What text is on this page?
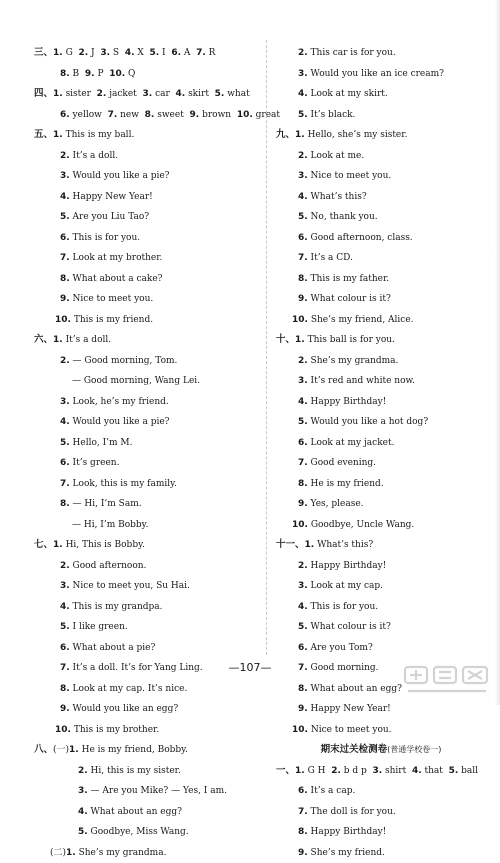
三、1. G  2. J  3. S  4. X  5. I  6. A  7. R
8. B  9. P  10. Q
四、1. sister  2. jacket  3. car  4. skirt  5. what
6. yellow  7. new  8. sweet  9. brown  10. great
五、1. This is my ball.
2. It’s a doll.
3. Would you like a pie?
4. Happy New Year!
5. Are you Liu Tao?
6. This is for you.
7. Look at my brother.
8. What about a cake?
9. Nice to meet you.
10. This is my friend.
六、1. It’s a doll.
2. — Good morning, Tom.
— Good morning, Wang Lei.
3. Look, he’s my friend.
4. Would you like a pie?
5. Hello, I’m M.
6. It’s green.
7. Look, this is my family.
8. — Hi, I’m Sam.
— Hi, I’m Bobby.
七、1. Hi, This is Bobby.
2. Good afternoon.
3. Nice to meet you, Su Hai.
4. This is my grandpa.
5. I like green.
6. What about a pie?
7. It’s a doll. It’s for Yang Ling.
8. Look at my cap. It’s nice.
9. Would you like an egg?
10. This is my brother.
八、(一)1. He is my friend, Bobby.
2. Hi, this is my sister.
3. — Are you Mike? — Yes, I am.
4. What about an egg?
5. Goodbye, Miss Wang.
(二)1. She’s my grandma.
2. This car is for you.
3. Would you like an ice cream?
4. Look at my skirt.
5. It’s black.
九、1. Hello, she’s my sister.
2. Look at me.
3. Nice to meet you.
4. What’s this?
5. No, thank you.
6. Good afternoon, class.
7. It’s a CD.
8. This is my father.
9. What colour is it?
10. She’s my friend, Alice.
十、1. This ball is for you.
2. She’s my grandma.
3. It’s red and white now.
4. Happy Birthday!
5. Would you like a hot dog?
6. Look at my jacket.
7. Good evening.
8. He is my friend.
9. Yes, please.
10. Goodbye, Uncle Wang.
十一、1. What’s this?
2. Happy Birthday!
3. Look at my cap.
4. This is for you.
5. What colour is it?
6. Are you Tom?
7. Good morning.
8. What about an egg?
9. Happy New Year!
10. Nice to meet you.
期末过关检测卷(普通学校卷一)
一、1. G H  2. b d p  3. shirt  4. that  5. ball
6. It’s a cap.
7. The doll is for you.
8. Happy Birthday!
9. She’s my friend.
—107—
